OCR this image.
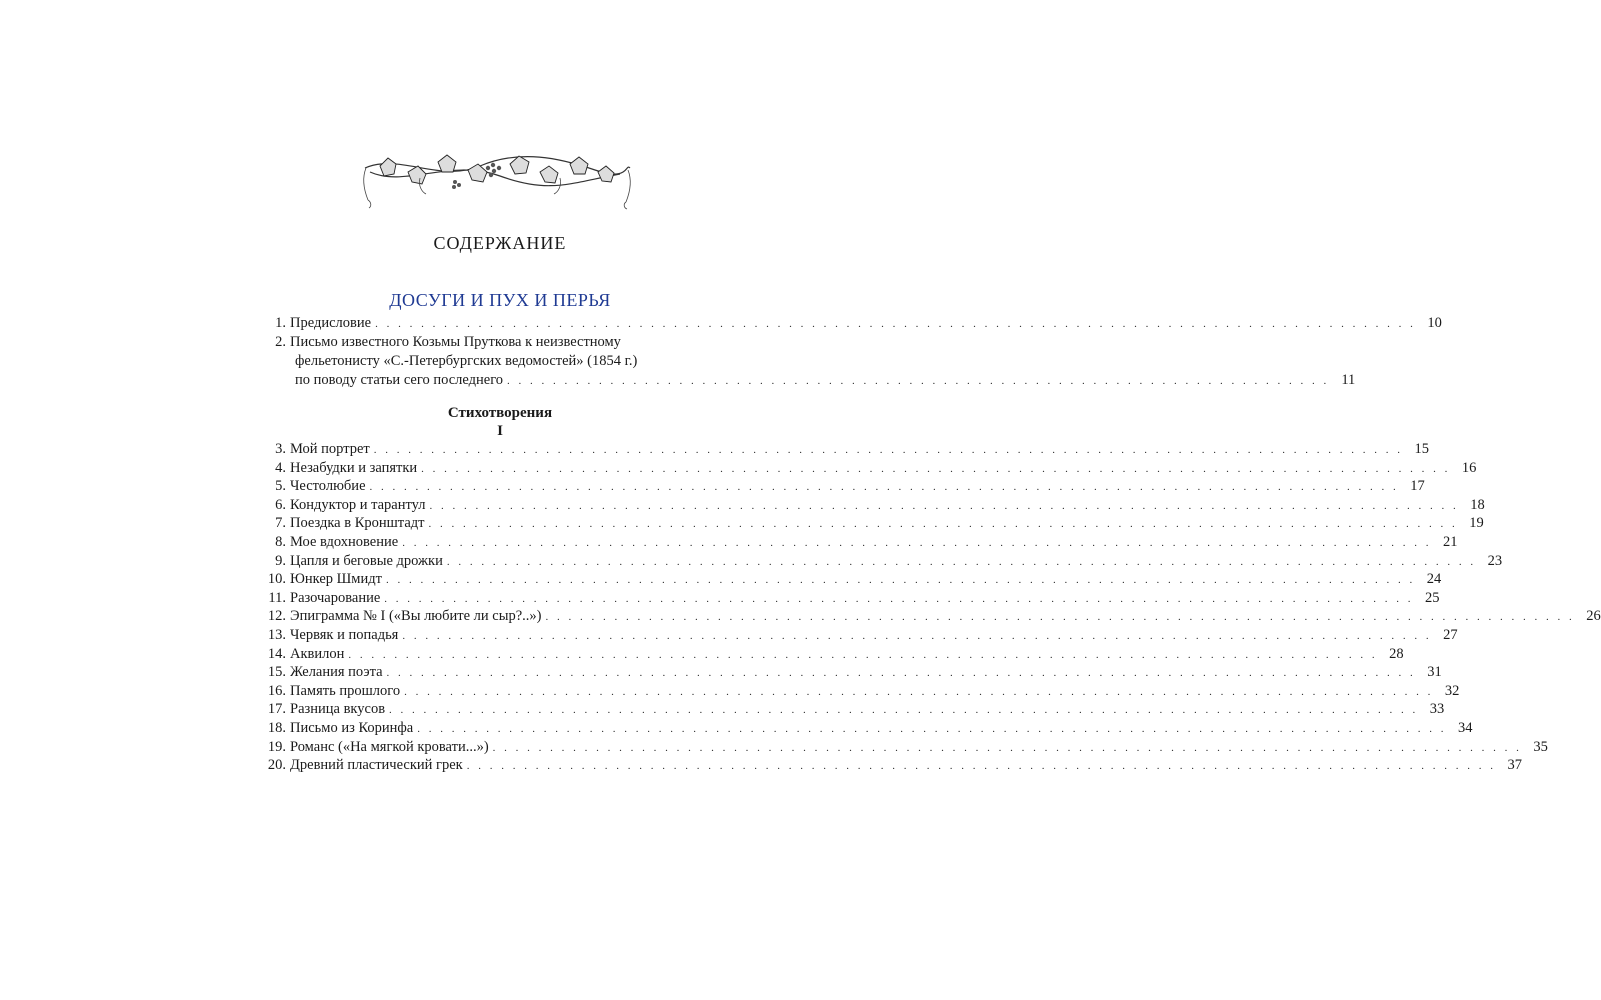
СОДЕРЖАНИЕ
ДОСУГИ И ПУХ И ПЕРЬЯ
1. Предисловие . . . . . . . . . . . . . . . . . . . . . . . . . . . . . . . . . . . . . . . . . . . . . . . . . . . . . . . . . . . . . . . . . . . . . . . . . . . . . . . . . . . . . . . . . . . 10
2. Письмо известного Козьмы Пруткова к неизвестному
фельетонисту «С.-Петербургских ведомостей» (1854 г.)
по поводу статьи сего последнего . . . . . . . . . . . . . . . . . . . . . . . . . . . . . . . . . . . . . . . . . . . . . . . . . . . . . . . . . . . . . . . . . . . . . . . . 11
Стихотворения
I
3. Мой портрет . . . . . . . . . . . . . . . . . . . . . . . . . . . . . . . . . . . . . . . . . . . . . . . . . . . . . . . . . . . . . . . . . . . . . . . . . . . . . . . . . . . . . . . . . . 15
4. Незабудки и запятки . . . . . . . . . . . . . . . . . . . . . . . . . . . . . . . . . . . . . . . . . . . . . . . . . . . . . . . . . . . . . . . . . . . . . . . . . . . . . . . . . . . . . . . . . . 16
5. Честолюбие . . . . . . . . . . . . . . . . . . . . . . . . . . . . . . . . . . . . . . . . . . . . . . . . . . . . . . . . . . . . . . . . . . . . . . . . . . . . . . . . . . . . . . . . . . 17
6. Кондуктор и тарантул . . . . . . . . . . . . . . . . . . . . . . . . . . . . . . . . . . . . . . . . . . . . . . . . . . . . . . . . . . . . . . . . . . . . . . . . . . . . . . . . . . . . . . . . . . 18
7. Поездка в Кронштадт . . . . . . . . . . . . . . . . . . . . . . . . . . . . . . . . . . . . . . . . . . . . . . . . . . . . . . . . . . . . . . . . . . . . . . . . . . . . . . . . . . . . . . . . . . 19
8. Мое вдохновение . . . . . . . . . . . . . . . . . . . . . . . . . . . . . . . . . . . . . . . . . . . . . . . . . . . . . . . . . . . . . . . . . . . . . . . . . . . . . . . . . . . . . . . . . . 21
9. Цапля и беговые дрожки . . . . . . . . . . . . . . . . . . . . . . . . . . . . . . . . . . . . . . . . . . . . . . . . . . . . . . . . . . . . . . . . . . . . . . . . . . . . . . . . . . . . . . . . . . 23
10. Юнкер Шмидт . . . . . . . . . . . . . . . . . . . . . . . . . . . . . . . . . . . . . . . . . . . . . . . . . . . . . . . . . . . . . . . . . . . . . . . . . . . . . . . . . . . . . . . . . . 24
11. Разочарование . . . . . . . . . . . . . . . . . . . . . . . . . . . . . . . . . . . . . . . . . . . . . . . . . . . . . . . . . . . . . . . . . . . . . . . . . . . . . . . . . . . . . . . . . . 25
12. Эпиграмма № I («Вы любите ли сыр?..») . . . . . . . . . . . . . . . . . . . . . . . . . . . . . . . . . . . . . . . . . . . . . . . . . . . . . . . . . . . . . . . . . . . . . . . . . . . . . . . . . . . . . . . . . . 26
13. Червяк и попадья . . . . . . . . . . . . . . . . . . . . . . . . . . . . . . . . . . . . . . . . . . . . . . . . . . . . . . . . . . . . . . . . . . . . . . . . . . . . . . . . . . . . . . . . . . 27
14. Аквилон . . . . . . . . . . . . . . . . . . . . . . . . . . . . . . . . . . . . . . . . . . . . . . . . . . . . . . . . . . . . . . . . . . . . . . . . . . . . . . . . . . . . . . . . . . 28
15. Желания поэта . . . . . . . . . . . . . . . . . . . . . . . . . . . . . . . . . . . . . . . . . . . . . . . . . . . . . . . . . . . . . . . . . . . . . . . . . . . . . . . . . . . . . . . . . . 31
16. Память прошлого . . . . . . . . . . . . . . . . . . . . . . . . . . . . . . . . . . . . . . . . . . . . . . . . . . . . . . . . . . . . . . . . . . . . . . . . . . . . . . . . . . . . . . . . . . 32
17. Разница вкусов . . . . . . . . . . . . . . . . . . . . . . . . . . . . . . . . . . . . . . . . . . . . . . . . . . . . . . . . . . . . . . . . . . . . . . . . . . . . . . . . . . . . . . . . . . 33
18. Письмо из Коринфа . . . . . . . . . . . . . . . . . . . . . . . . . . . . . . . . . . . . . . . . . . . . . . . . . . . . . . . . . . . . . . . . . . . . . . . . . . . . . . . . . . . . . . . . . . 34
19. Романс («На мягкой кровати...») . . . . . . . . . . . . . . . . . . . . . . . . . . . . . . . . . . . . . . . . . . . . . . . . . . . . . . . . . . . . . . . . . . . . . . . . . . . . . . . . . . . . . . . . . . 35
20. Древний пластический грек . . . . . . . . . . . . . . . . . . . . . . . . . . . . . . . . . . . . . . . . . . . . . . . . . . . . . . . . . . . . . . . . . . . . . . . . . . . . . . . . . . . . . . . . . . 37
